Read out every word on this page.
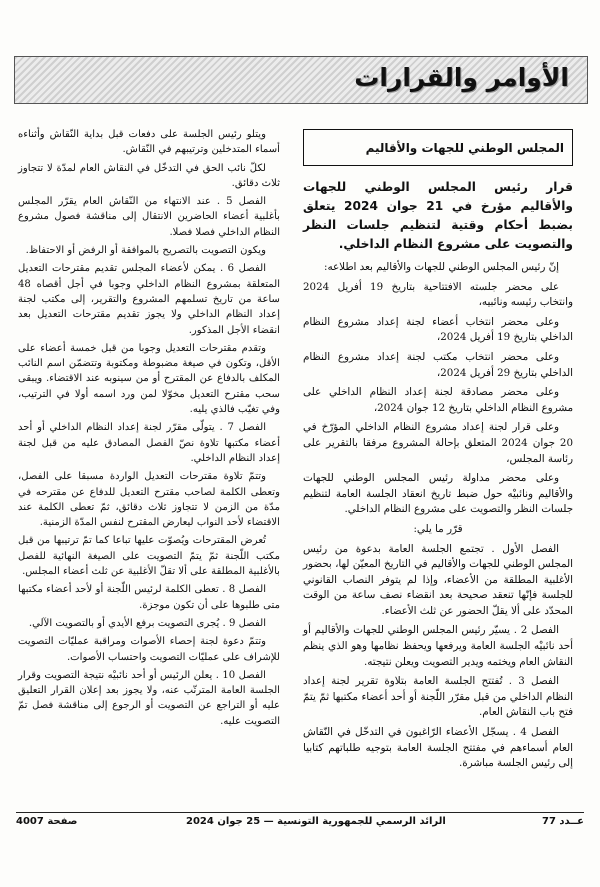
الأوامر والقرارات
المجلس الوطني للجهات والأقاليم
قرار رئيس المجلس الوطني للجهات والأقاليم مؤرخ في 21 جوان 2024 يتعلق بضبط أحكام وقتية لتنظيم جلسات النظر والتصويت على مشروع النظام الداخلي.

إنّ رئيس المجلس الوطني للجهات والأقاليم بعد اطلاعه:

على محضر جلسته الافتتاحية بتاريخ 19 أفريل 2024 وانتخاب رئيسه ونائبيه،

وعلى محضر انتخاب أعضاء لجنة إعداد مشروع النظام الداخلي بتاريخ 19 أفريل 2024،

وعلى محضر انتخاب مكتب لجنة إعداد مشروع النظام الداخلي بتاريخ 29 أفريل 2024،

وعلى محضر مصادقة لجنة إعداد النظام الداخلي على مشروع النظام الداخلي بتاريخ 12 جوان 2024،

وعلى قرار لجنة إعداد مشروع النظام الداخلي المؤرّخ في 20 جوان 2024 المتعلق بإحالة المشروع مرفقا بالتقرير على رئاسة المجلس،

وعلى محضر مداولة رئيس المجلس الوطني للجهات والأقاليم ونائبيْه حول ضبط تاريخ انعقاد الجلسة العامة لتنظيم جلسات النظر والتصويت على مشروع النظام الداخلي.

قرّر ما يلي:

الفصل الأول . تجتمع الجلسة العامة بدعوة من رئيس المجلس الوطني للجهات والأقاليم في التاريخ المعيّن لها، بحضور الأغلبية المطلقة من الأعضاء، وإذا لم يتوفر النصاب القانوني للجلسة فإنّها تنعقد صحيحة بعد انقضاء نصف ساعة من الوقت المحدّد على ألا يقلّ الحضور عن ثلث الأعضاء.

الفصل 2 . يسيّر رئيس المجلس الوطني للجهات والأقاليم أو أحد نائبيْه الجلسة العامة ويرفعها ويحفظ نظامها وهو الذي ينظم النقاش العام ويختمه ويدير التصويت ويعلن نتيجته.

الفصل 3 . تُفتتح الجلسة العامة بتلاوة تقرير لجنة إعداد النظام الداخلي من قبل مقرّر اللّجنة أو أحد أعضاء مكتبها ثمّ يتمّ فتح باب النقاش العام.

الفصل 4 . يسجّل الأعضاء الرّاغبون في التدخّل في النّقاش العام أسماءهم في مفتتح الجلسة العامة بتوجيه طلباتهم كتابيا إلى رئيس الجلسة مباشرة.

ويتلو رئيس الجلسة على دفعات قبل بداية النّقاش وأثناءه أسماء المتدخلين وترتيبهم في النّقاش.

لكلّ نائب الحق في التدخّل في النقاش العام لمدّة لا تتجاوز ثلاث دقائق.

الفصل 5 . عند الانتهاء من النّقاش العام يقرّر المجلس بأغلبية أعضاء الحاضرين الانتقال إلى مناقشة فصول مشروع النظام الداخلي فصلا فصلا.

ويكون التصويت بالتصريح بالموافقة أو الرفض أو الاحتفاظ.

الفصل 6 . يمكن لأعضاء المجلس تقديم مقترحات التعديل المتعلقة بمشروع النظام الداخلي وجوبا في أجل أقصاه 48 ساعة من تاريخ تسلمهم المشروع والتقرير، إلى مكتب لجنة إعداد النظام الداخلي ولا يجوز تقديم مقترحات التعديل بعد انقضاء الأجل المذكور.

وتقدم مقترحات التعديل وجوبا من قبل خمسة أعضاء على الأقل، وتكون في صيغة مضبوطة ومكتوبة وتتضمّن اسم النائب المكلف بالدفاع عن المقترح أو من سينوبه عند الاقتضاء. ويبقى سحب مقترح التعديل مخوّلا لمن ورد اسمه أولا في الترتيب، وفي تغيّب فالذي يليه.

الفصل 7 . يتولّى مقرّر لجنة إعداد النظام الداخلي أو أحد أعضاء مكتبها تلاوة نصّ الفصل المصادق عليه من قبل لجنة إعداد النظام الداخلي.

وتتمّ تلاوة مقترحات التعديل الواردة مسبقا على الفصل، وتعطى الكلمة لصاحب مقترح التعديل للدفاع عن مقترحه في مدّة من الزمن لا تتجاوز ثلاث دقائق، ثمّ تعطى الكلمة عند الاقتضاء لأحد النواب ليعارض المقترح لنفس المدّة الزمنية.

تُعرض المقترحات ويُصوّت عليها تباعا كما تمّ ترتيبها من قبل مكتب اللّجنة ثمّ يتمّ التصويت على الصيغة النهائية للفصل بالأغلبية المطلقة على ألا تقلّ الأغلبية عن ثلث أعضاء المجلس.

الفصل 8 . تعطى الكلمة لرئيس اللّجنة أو لأحد أعضاء مكتبها متى طلبوها على أن تكون موجزة.

الفصل 9 . يُجرى التصويت برفع الأيدي أو بالتصويت الآلي.

وتتمّ دعوة لجنة إحصاء الأصوات ومراقبة عمليّات التصويت للإشراف على عمليّات التصويت واحتساب الأصوات.

الفصل 10 . يعلن الرئيس أو أحد نائبيْه نتيجة التصويت وقرار الجلسة العامة المترتّب عنه، ولا يجوز بعد إعلان القرار التعليق عليه أو التراجع عن التصويت أو الرجوع إلى مناقشة فصل تمّ التصويت عليه.

عــدد 77
الرائد الرسمي للجمهورية التونسية — 25 جوان 2024
صفحة 4007
